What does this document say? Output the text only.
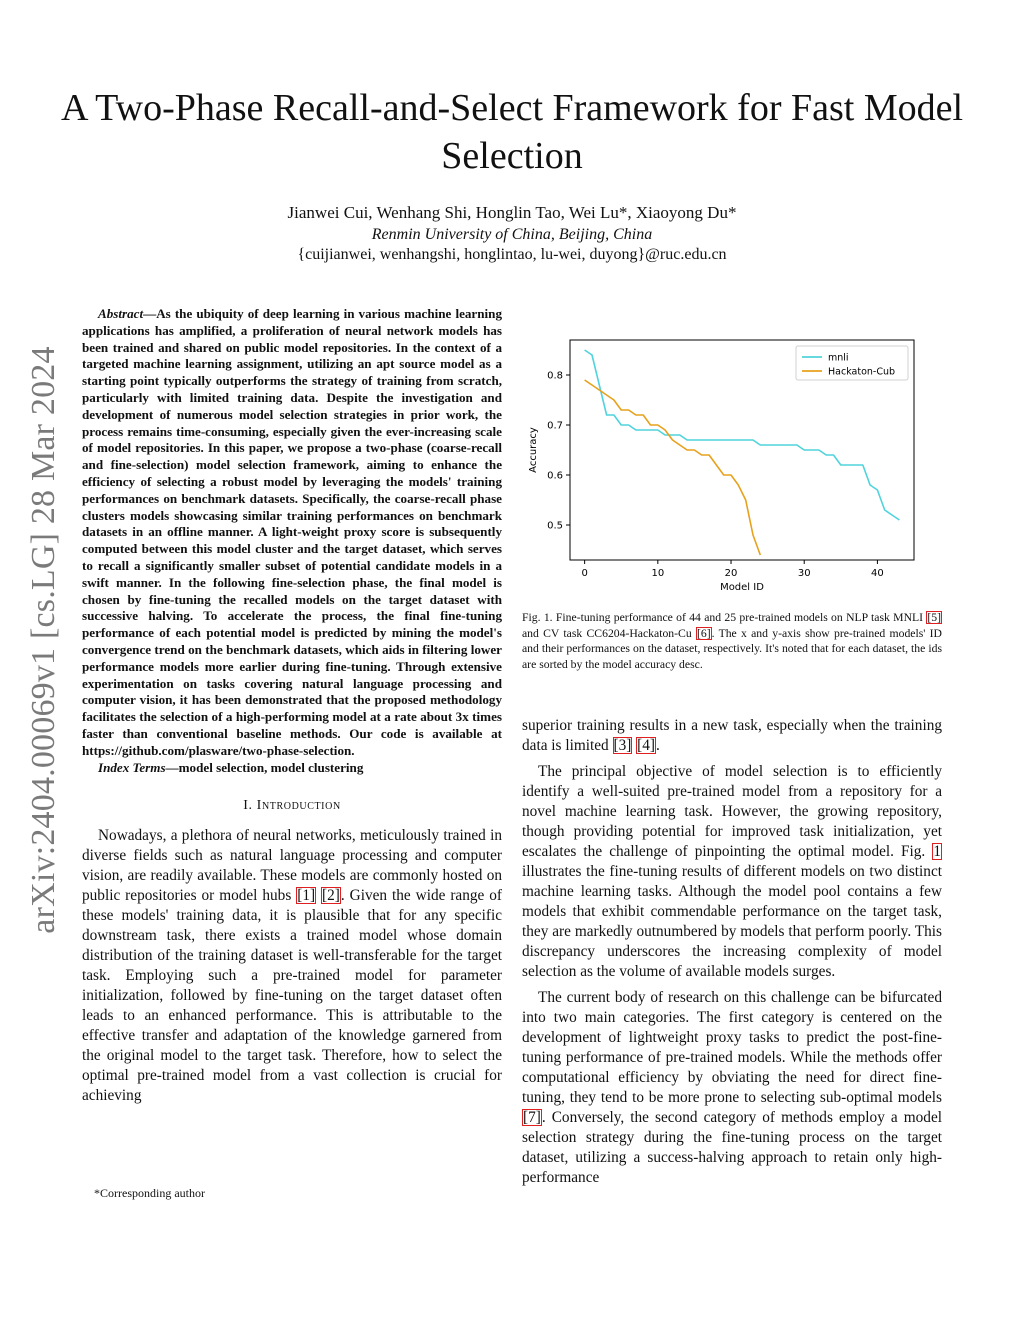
arXiv:2404.00069v1 [cs.LG] 28 Mar 2024
A Two-Phase Recall-and-Select Framework for Fast Model Selection
Jianwei Cui, Wenhang Shi, Honglin Tao, Wei Lu*, Xiaoyong Du*
Renmin University of China, Beijing, China
{cuijianwei, wenhangshi, honglintao, lu-wei, duyong}@ruc.edu.cn

Abstract—As the ubiquity of deep learning in various machine learning applications has amplified, a proliferation of neural network models has been trained and shared on public model repositories. In the context of a targeted machine learning assignment, utilizing an apt source model as a starting point typically outperforms the strategy of training from scratch, particularly with limited training data. Despite the investigation and development of numerous model selection strategies in prior work, the process remains time-consuming, especially given the ever-increasing scale of model repositories. In this paper, we propose a two-phase (coarse-recall and fine-selection) model selection framework, aiming to enhance the efficiency of selecting a robust model by leveraging the models' training performances on benchmark datasets. Specifically, the coarse-recall phase clusters models showcasing similar training performances on benchmark datasets in an offline manner. A light-weight proxy score is subsequently computed between this model cluster and the target dataset, which serves to recall a significantly smaller subset of potential candidate models in a swift manner. In the following fine-selection phase, the final model is chosen by fine-tuning the recalled models on the target dataset with successive halving. To accelerate the process, the final fine-tuning performance of each potential model is predicted by mining the model's convergence trend on the benchmark datasets, which aids in filtering lower performance models more earlier during fine-tuning. Through extensive experimentation on tasks covering natural language processing and computer vision, it has been demonstrated that the proposed methodology facilitates the selection of a high-performing model at a rate about 3x times faster than conventional baseline methods. Our code is available at https://github.com/plasware/two-phase-selection.

Index Terms—model selection, model clustering

I. Introduction

Nowadays, a plethora of neural networks, meticulously trained in diverse fields such as natural language processing and computer vision, are readily available. These models are commonly hosted on public repositories or model hubs [1] [2]. Given the wide range of these models' training data, it is plausible that for any specific downstream task, there exists a trained model whose domain distribution of the training dataset is well-transferable for the target task. Employing such a pre-trained model for parameter initialization, followed by fine-tuning on the target dataset often leads to an enhanced performance. This is attributable to the effective transfer and adaptation of the knowledge garnered from the original model to the target task. Therefore, how to select the optimal pre-trained model from a vast collection is crucial for achieving

*Corresponding author
0	10	20	30	40
0.5
0.6
0.7
0.8
Model ID
Accuracy
mnli
Hackaton-Cub
Fig. 1. Fine-tuning performance of 44 and 25 pre-trained models on NLP task MNLI [5] and CV task CC6204-Hackaton-Cu [6]. The x and y-axis show pre-trained models' ID and their performances on the dataset, respectively. It's noted that for each dataset, the ids are sorted by the model accuracy desc.

superior training results in a new task, especially when the training data is limited [3] [4].

The principal objective of model selection is to efficiently identify a well-suited pre-trained model from a repository for a novel machine learning task. However, the growing repository, though providing potential for improved task initialization, yet escalates the challenge of pinpointing the optimal model. Fig. 1 illustrates the fine-tuning results of different models on two distinct machine learning tasks. Although the model pool contains a few models that exhibit commendable performance on the target task, they are markedly outnumbered by models that perform poorly. This discrepancy underscores the increasing complexity of model selection as the volume of available models surges.

The current body of research on this challenge can be bifurcated into two main categories. The first category is centered on the development of lightweight proxy tasks to predict the post-fine-tuning performance of pre-trained models. While the methods offer computational efficiency by obviating the need for direct fine-tuning, they tend to be more prone to selecting sub-optimal models [7]. Conversely, the second category of methods employ a model selection strategy during the fine-tuning process on the target dataset, utilizing a success-halving approach to retain only high-performance
